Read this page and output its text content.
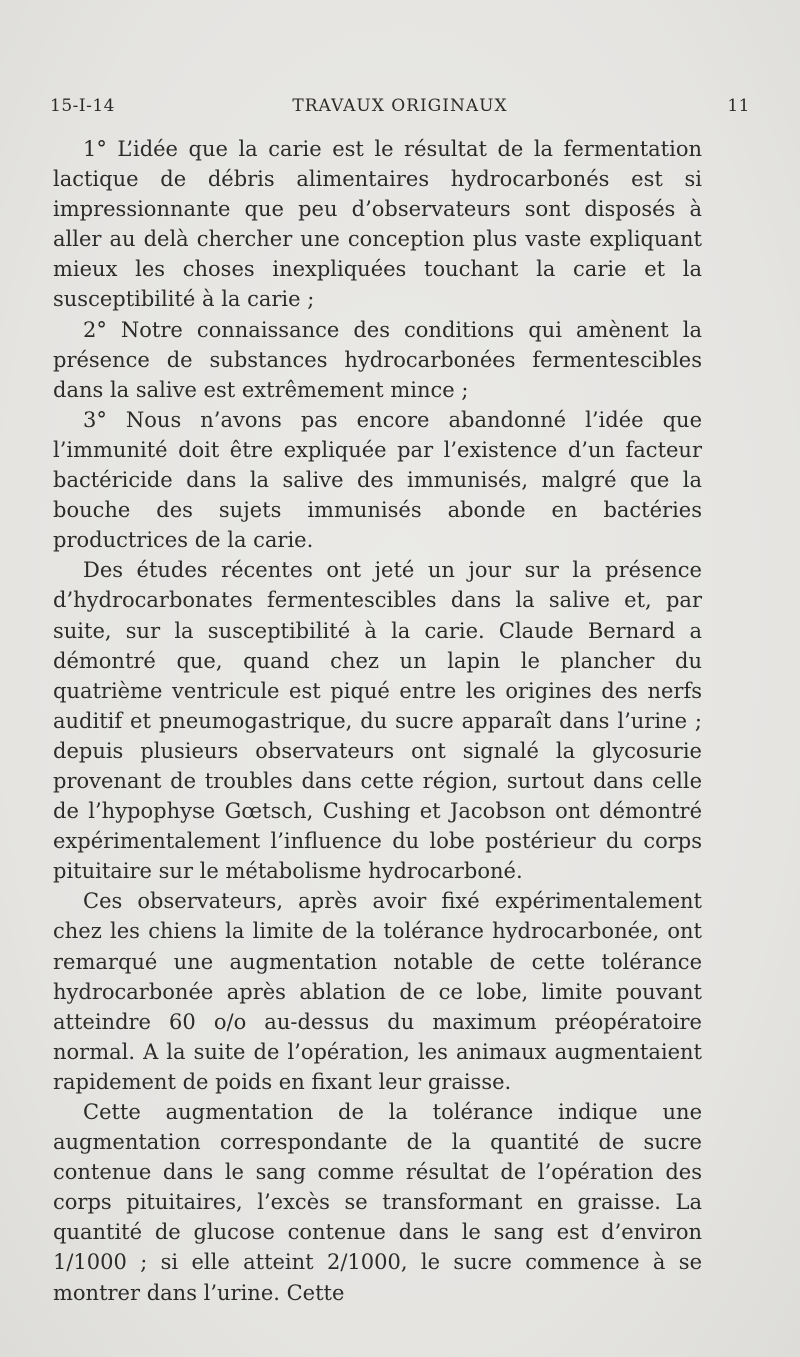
15-I-14	TRAVAUX ORIGINAUX	11

1° L’idée que la carie est le résultat de la fermentation lactique de débris alimentaires hydrocarbonés est si impressionnante que peu d’observateurs sont disposés à aller au delà chercher une conception plus vaste expliquant mieux les choses inexpliquées touchant la carie et la susceptibilité à la carie ;

2° Notre connaissance des conditions qui amènent la présence de substances hydrocarbonées fermentescibles dans la salive est extrêmement mince ;

3° Nous n’avons pas encore abandonné l’idée que l’immunité doit être expliquée par l’existence d’un facteur bactéricide dans la salive des immunisés, malgré que la bouche des sujets immunisés abonde en bactéries productrices de la carie.

Des études récentes ont jeté un jour sur la présence d’hydrocarbonates fermentescibles dans la salive et, par suite, sur la susceptibilité à la carie. Claude Bernard a démontré que, quand chez un lapin le plancher du quatrième ventricule est piqué entre les origines des nerfs auditif et pneumogastrique, du sucre apparaît dans l’urine ; depuis plusieurs observateurs ont signalé la glycosurie provenant de troubles dans cette région, surtout dans celle de l’hypophyse Gœtsch, Cushing et Jacobson ont démontré expérimentalement l’influence du lobe postérieur du corps pituitaire sur le métabolisme hydrocarboné.

Ces observateurs, après avoir fixé expérimentalement chez les chiens la limite de la tolérance hydrocarbonée, ont remarqué une augmentation notable de cette tolérance hydrocarbonée après ablation de ce lobe, limite pouvant atteindre 60 o/o au-dessus du maximum préopératoire normal. A la suite de l’opération, les animaux augmentaient rapidement de poids en fixant leur graisse.

Cette augmentation de la tolérance indique une augmentation correspondante de la quantité de sucre contenue dans le sang comme résultat de l’opération des corps pituitaires, l’excès se transformant en graisse. La quantité de glucose contenue dans le sang est d’environ 1/1000 ; si elle atteint 2/1000, le sucre commence à se montrer dans l’urine. Cette
